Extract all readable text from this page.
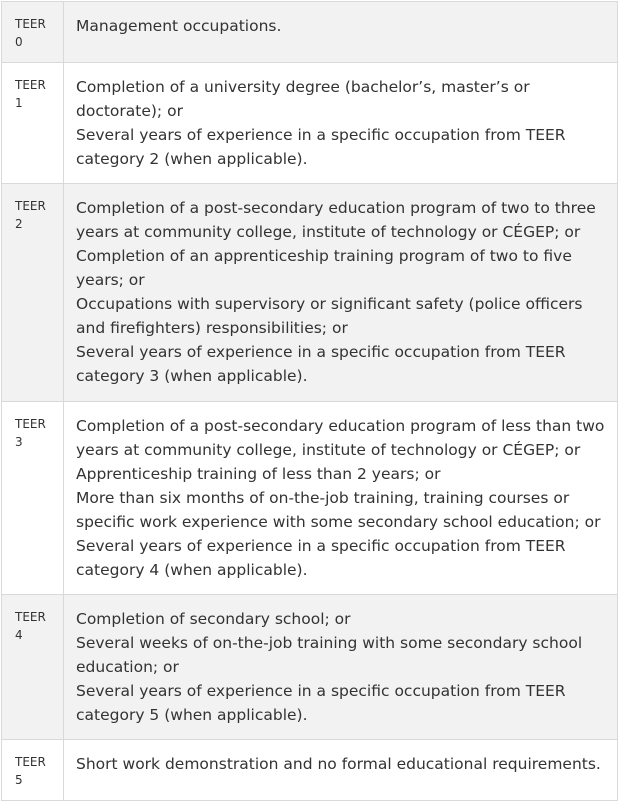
TEER
0	Management occupations.

TEER
1	Completion of a university degree (bachelor’s, master’s or doctorate); or
Several years of experience in a specific occupation from TEER category 2 (when applicable).

TEER
2	Completion of a post-secondary education program of two to three years at community college, institute of technology or CÉGEP; or
Completion of an apprenticeship training program of two to five years; or
Occupations with supervisory or significant safety (police officers and firefighters) responsibilities; or
Several years of experience in a specific occupation from TEER category 3 (when applicable).

TEER
3	Completion of a post-secondary education program of less than two years at community college, institute of technology or CÉGEP; or
Apprenticeship training of less than 2 years; or
More than six months of on-the-job training, training courses or specific work experience with some secondary school education; or
Several years of experience in a specific occupation from TEER category 4 (when applicable).

TEER
4	Completion of secondary school; or
Several weeks of on-the-job training with some secondary school education; or
Several years of experience in a specific occupation from TEER category 5 (when applicable).

TEER
5	Short work demonstration and no formal educational requirements.
